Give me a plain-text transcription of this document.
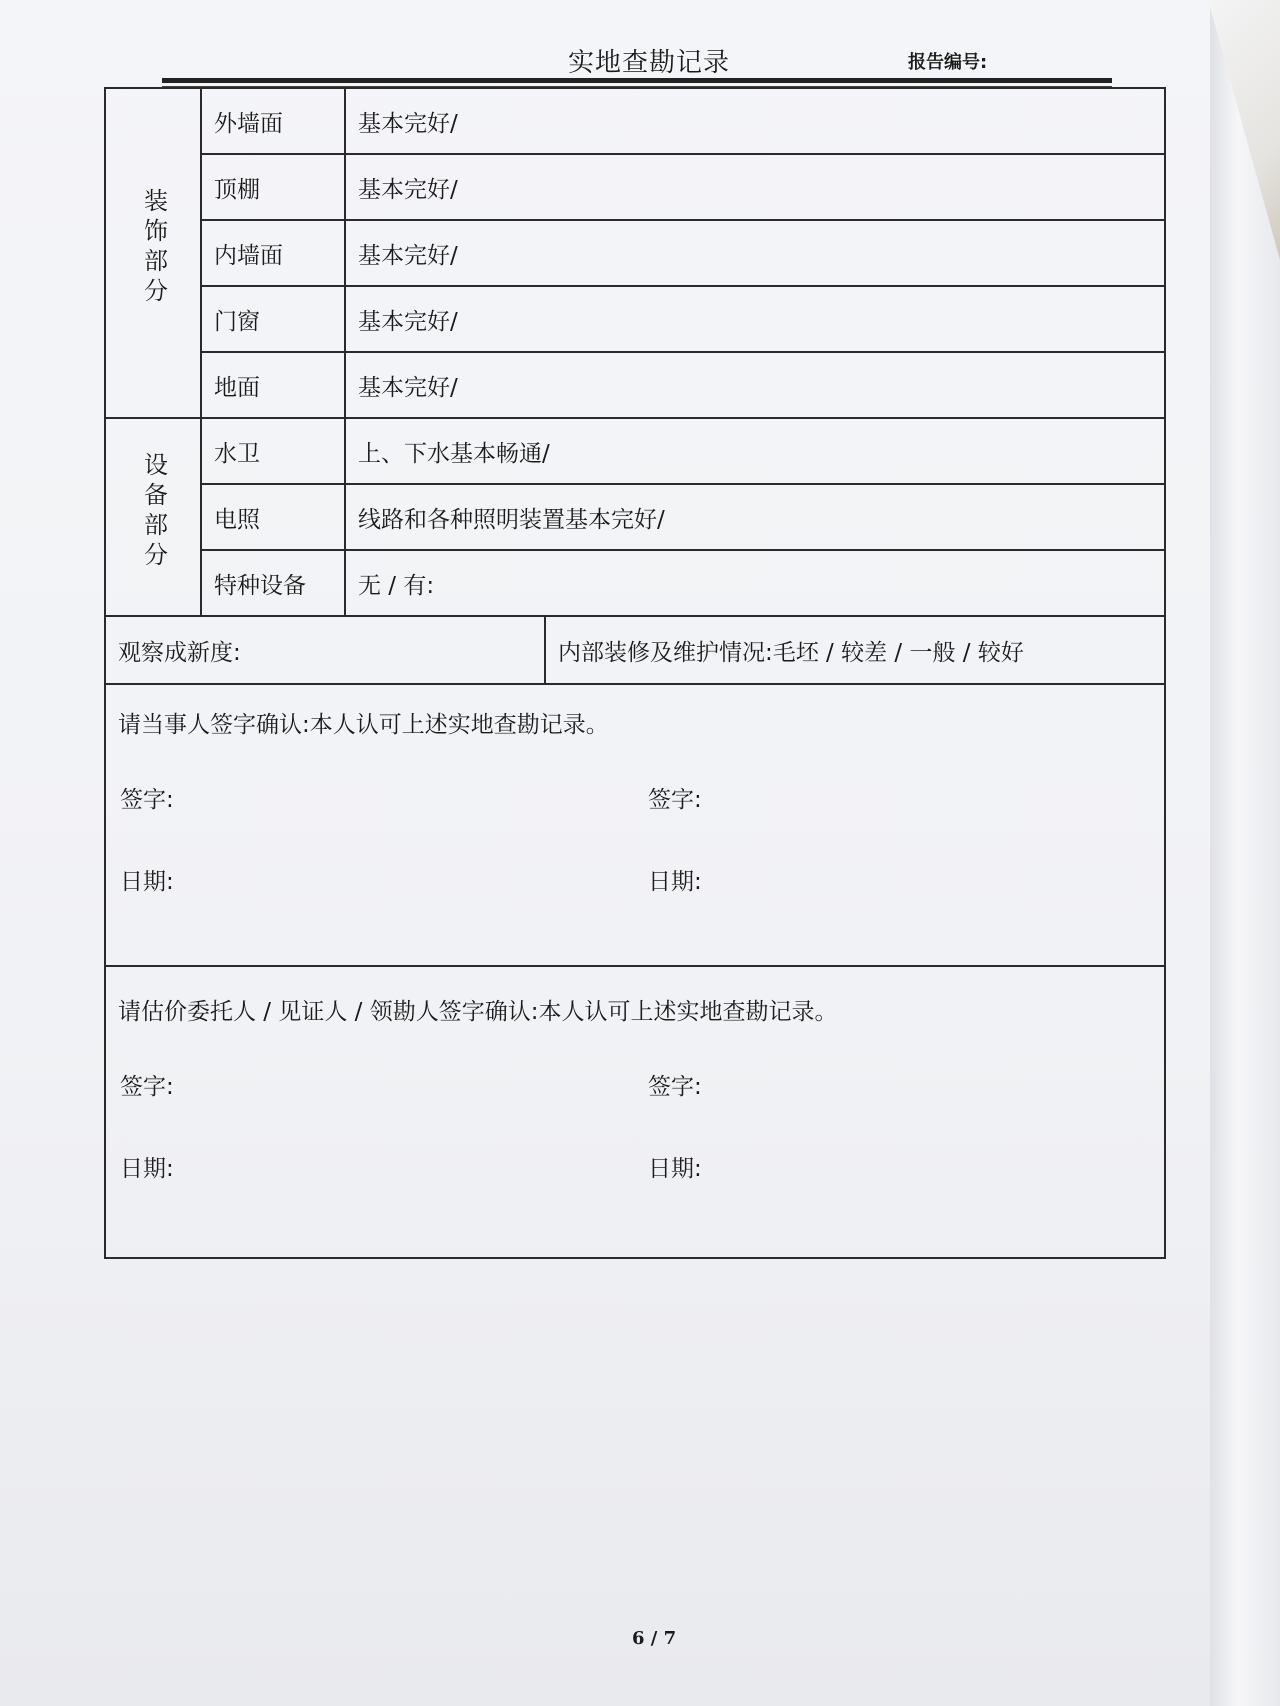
实地查勘记录	报告编号:
装饰部分	外墙面	基本完好/	
	顶棚	基本完好/	
	内墙面	基本完好/	
	门窗	基本完好/	
	地面	基本完好/	
设备部分	水卫	上、下水基本畅通/	
	电照	线路和各种照明装置基本完好/	
	特种设备	无 / 有:	
观察成新度:			内部装修及维护情况:毛坯 / 较差 / 一般 / 较好

请当事人签字确认:本人认可上述实地查勘记录。
签字: 签字:
日期: 日期:			

请估价委托人 / 见证人 / 领勘人签字确认:本人认可上述实地查勘记录。
签字: 签字:
日期: 日期:			
6 / 7
